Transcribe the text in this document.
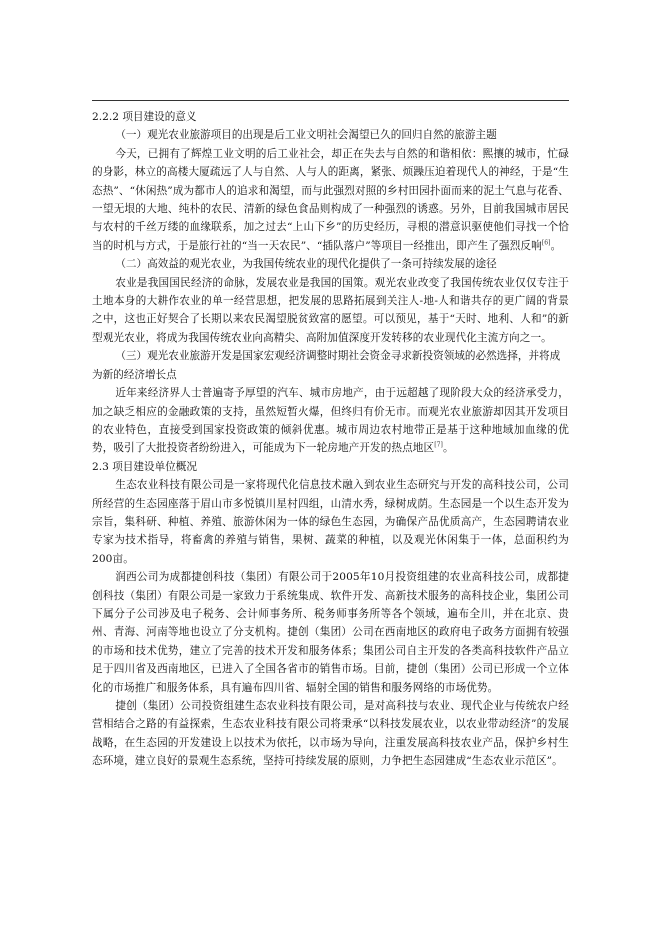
2.2.2 项目建设的意义

（一）观光农业旅游项目的出现是后工业文明社会渴望已久的回归自然的旅游主题

今天，已拥有了辉煌工业文明的后工业社会，却正在失去与自然的和谐相依：熙攘的城市，忙碌的身影，林立的高楼大厦疏远了人与自然、人与人的距离，紧张、烦躁压迫着现代人的神经，于是“生态热”、“休闲热”成为都市人的追求和渴望，而与此强烈对照的乡村田园扑面而来的泥土气息与花香、一望无垠的大地、纯朴的农民、清新的绿色食品则构成了一种强烈的诱惑。另外，目前我国城市居民与农村的千丝万缕的血缘联系，加之过去“上山下乡”的历史经历，寻根的潜意识驱使他们寻找一个恰当的时机与方式，于是旅行社的“当一天农民”、“插队落户”等项目一经推出，即产生了强烈反响[6]。

（二）高效益的观光农业，为我国传统农业的现代化提供了一条可持续发展的途径

农业是我国国民经济的命脉，发展农业是我国的国策。观光农业改变了我国传统农业仅仅专注于土地本身的大耕作农业的单一经营思想，把发展的思路拓展到关注人-地-人和谐共存的更广阔的背景之中，这也正好契合了长期以来农民渴望脱贫致富的愿望。可以预见，基于“天时、地利、人和”的新型观光农业，将成为我国传统农业向高精尖、高附加值深度开发转移的农业现代化主流方向之一。

（三）观光农业旅游开发是国家宏观经济调整时期社会资金寻求新投资领域的必然选择，并将成为新的经济增长点

近年来经济界人士普遍寄予厚望的汽车、城市房地产，由于远超越了现阶段大众的经济承受力，加之缺乏相应的金融政策的支持，虽然短暂火爆，但终归有价无市。而观光农业旅游却因其开发项目的农业特色，直接受到国家投资政策的倾斜优惠。城市周边农村地带正是基于这种地域加血缘的优势，吸引了大批投资者纷纷进入，可能成为下一轮房地产开发的热点地区[7]。

2.3 项目建设单位概况

生态农业科技有限公司是一家将现代化信息技术融入到农业生态研究与开发的高科技公司，公司所经营的生态园座落于眉山市多悦镇川星村四组，山清水秀，绿树成荫。生态园是一个以生态开发为宗旨，集科研、种植、养殖、旅游休闲为一体的绿色生态园，为确保产品优质高产，生态园聘请农业专家为技术指导，将畜禽的养殖与销售，果树、蔬菜的种植，以及观光休闲集于一体，总面积约为200亩。

润西公司为成都捷创科技（集团）有限公司于2005年10月投资组建的农业高科技公司，成都捷创科技（集团）有限公司是一家致力于系统集成、软件开发、高新技术服务的高科技企业，集团公司下属分子公司涉及电子税务、会计师事务所、税务师事务所等各个领域，遍布全川，并在北京、贵州、青海、河南等地也设立了分支机构。捷创（集团）公司在西南地区的政府电子政务方面拥有较强的市场和技术优势，建立了完善的技术开发和服务体系；集团公司自主开发的各类高科技软件产品立足于四川省及西南地区，已进入了全国各省市的销售市场。目前，捷创（集团）公司已形成一个立体化的市场推广和服务体系，具有遍布四川省、辐射全国的销售和服务网络的市场优势。

捷创（集团）公司投资组建生态农业科技有限公司，是对高科技与农业、现代企业与传统农户经营相结合之路的有益探索，生态农业科技有限公司将秉承“以科技发展农业，以农业带动经济”的发展战略，在生态园的开发建设上以技术为依托，以市场为导向，注重发展高科技农业产品，保护乡村生态环境，建立良好的景观生态系统，坚持可持续发展的原则，力争把生态园建成“生态农业示范区”。
